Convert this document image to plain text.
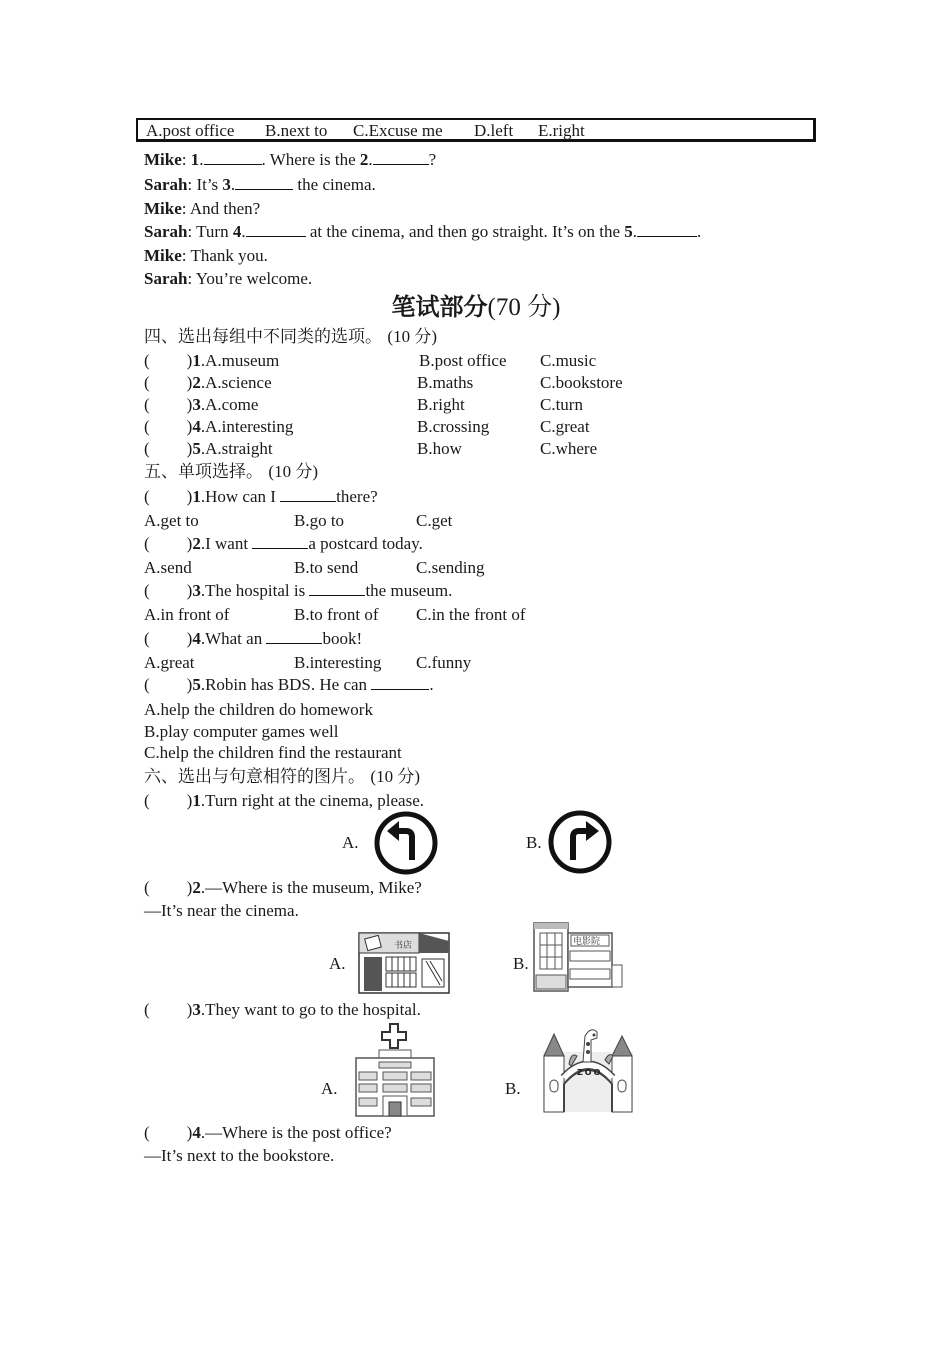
A.post office B.next to C.Excuse me D.left E.right
Mike: 1.	. Where is the 2.	?
Sarah: It’s 3.	the cinema.
Mike: And then?
Sarah: Turn 4.	at the cinema, and then go straight. It’s on the 5.	.
Mike: Thank you.
Sarah: You’re welcome.
笔试部分(70 分)
四、选出每组中不同类的选项。 (10 分)
( )1.A.museum	B.post office C.music
( )2.A.science	B.maths	C.bookstore
( )3.A.come	B.right	C.turn
( )4.A.interesting	B.crossing	C.great
( )5.A.straight	B.how	C.where
五、单项选择。 (10 分)
( )1.How can I	there?
A.get to	B.go to	C.get
( )2.I want	a postcard today.
A.send	B.to send	C.sending
( )3.The hospital is	the museum.
A.in front of	B.to front of C.in the front of
( )4.What an	book!
A.great	B.interesting C.funny
( )5.Robin has BDS. He can	.
A.help the children do homework
B.play computer games well
C.help the children find the restaurant
六、选出与句意相符的图片。 (10 分)
( )1.Turn right at the cinema, please.
A.	B.
( )2.—Where is the museum, Mike?
—It’s near the cinema.
A.
书店
B.
电影院
( )3.They want to go to the hospital.
A.	B.
ZOO
( )4.—Where is the post office?
—It’s next to the bookstore.
